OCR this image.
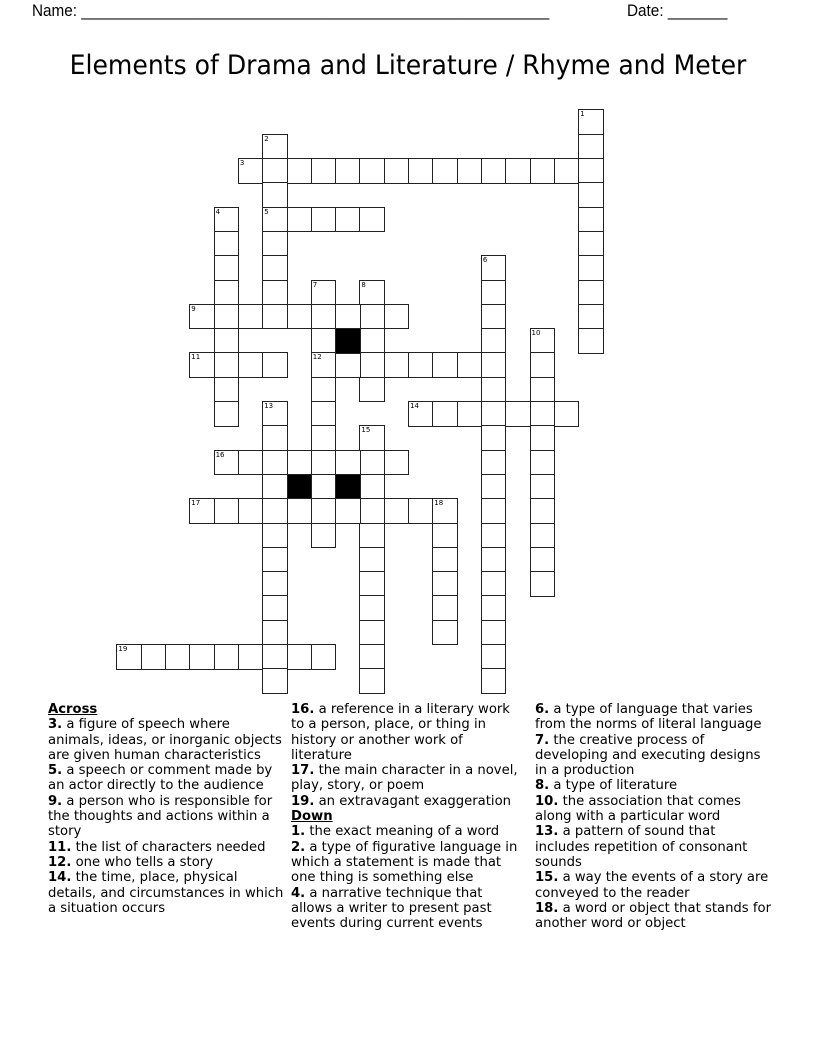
Name: _______________________________________________________	Date: _______
Elements of Drama and Literature / Rhyme and Meter
1
2
5
3
4
6
7
12
8
9
10
11
13	14
15
16
17	18
19
Across
3. a figure of speech where animals, ideas, or inorganic objects are given human characteristics
5. a speech or comment made by an actor directly to the audience
9. a person who is responsible for the thoughts and actions within a story
11. the list of characters needed
12. one who tells a story
14. the time, place, physical details, and circumstances in which a situation occurs
16. a reference in a literary work to a person, place, or thing in history or another work of literature
17. the main character in a novel, play, story, or poem
19. an extravagant exaggeration
Down
1. the exact meaning of a word
2. a type of figurative language in which a statement is made that one thing is something else
4. a narrative technique that allows a writer to present past events during current events
6. a type of language that varies from the norms of literal language
7. the creative process of developing and executing designs in a production
8. a type of literature
10. the association that comes along with a particular word
13. a pattern of sound that includes repetition of consonant sounds
15. a way the events of a story are conveyed to the reader
18. a word or object that stands for another word or object
